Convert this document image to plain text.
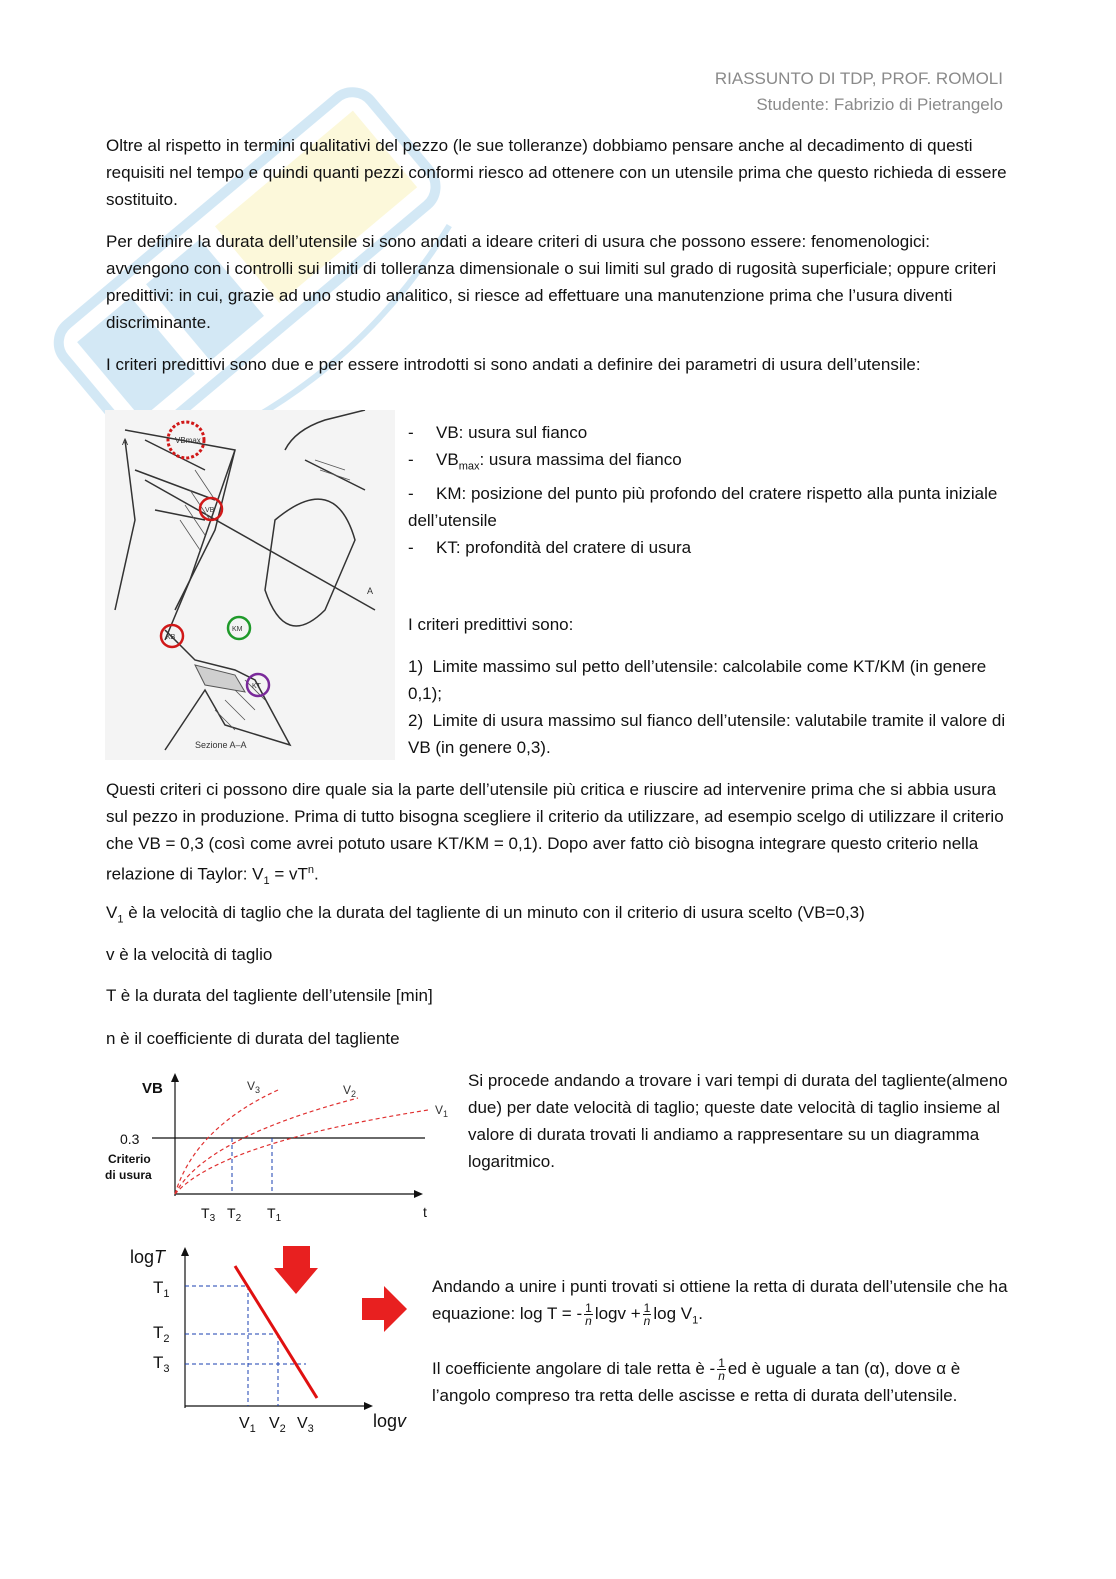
RIASSUNTO DI TDP, PROF. ROMOLI
Studente: Fabrizio di Pietrangelo

Oltre al rispetto in termini qualitativi del pezzo (le sue tolleranze) dobbiamo pensare anche al decadimento di questi requisiti nel tempo e quindi quanti pezzi conformi riesco ad ottenere con un utensile prima che questo richieda di essere sostituito.

Per definire la durata dell’utensile si sono andati a ideare criteri di usura che possono essere: fenomenologici: avvengono con i controlli sui limiti di tolleranza dimensionale o sui limiti sul grado di rugosità superficiale; oppure criteri predittivi: in cui, grazie ad uno studio analitico, si riesce ad effettuare una manutenzione prima che l’usura diventi discriminante.

I criteri predittivi sono due e per essere introdotti si sono andati a definire dei parametri di usura dell’utensile:

VBmax
VB
KB
KM
KT
A
A
Sezione A–A
- VB: usura sul fianco
- $VB_{max}$: usura massima del fianco
- KM: posizione del punto più profondo del cratere rispetto alla punta iniziale dell’utensile
- KT: profondità del cratere di usura
I criteri predittivi sono:
1) Limite massimo sul petto dell’utensile: calcolabile come KT/KM (in genere 0,1);
2) Limite di usura massimo sul fianco dell’utensile: valutabile tramite il valore di VB (in genere 0,3).

Questi criteri ci possono dire quale sia la parte dell’utensile più critica e riuscire ad intervenire prima che si abbia usura sul pezzo in produzione. Prima di tutto bisogna scegliere il criterio da utilizzare, ad esempio scelgo di utilizzare il criterio che VB = 0,3 (così come avrei potuto usare KT/KM = 0,1). Dopo aver fatto ciò bisogna integrare questo criterio nella relazione di Taylor: $V_1 = vT^n$.

$V_1$ è la velocità di taglio che la durata del tagliente di un minuto con il criterio di usura scelto (VB=0,3)

v è la velocità di taglio

T è la durata del tagliente dell’utensile [min]

n è il coefficiente di durata del tagliente

VB
0.3
Criterio
di usura
$V_3$	$V_2$
$V_1$
$T_3$ $T_2$ $T_1$	t
Si procede andando a trovare i vari tempi di durata del tagliente(almeno due) per date velocità di taglio; queste date velocità di taglio insieme al valore di durata trovati li andiamo a rappresentare su un diagramma logaritmico.
logT
logv
$T_1$
$T_2$
$T_3$
$V_1$ $V_2$ $V_3$
Andando a unire i punti trovati si ottiene la retta di durata dell’utensile che ha equazione: log T = - $\frac{1}{n}$ $\log v + \frac{1}{n}$ $\log V_1$.
Il coefficiente angolare di tale retta è - $\frac{1}{n}$ ed è uguale a tan (α), dove α è l’angolo compreso tra retta delle ascisse e retta di durata dell’utensile.
